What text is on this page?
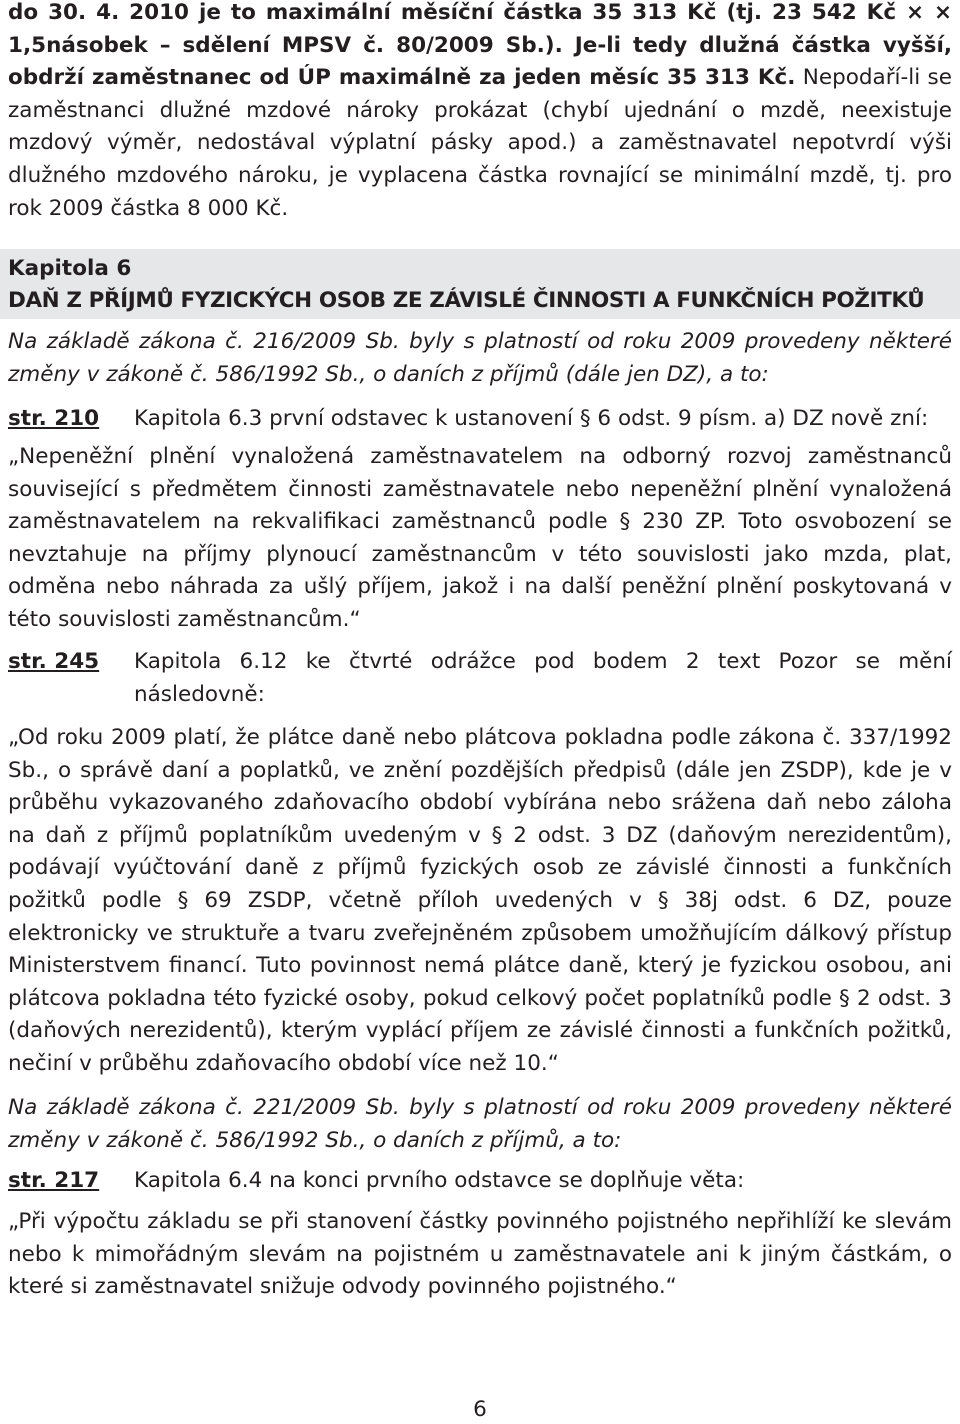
do 30. 4. 2010 je to maximální měsíční částka 35 313 Kč (tj. 23 542 Kč × × 1,5násobek – sdělení MPSV č. 80/2009 Sb.). Je-li tedy dlužná částka vyšší, obdrží zaměstnanec od ÚP maximálně za jeden měsíc 35 313 Kč. Nepodaří-li se zaměstnanci dlužné mzdové nároky prokázat (chybí ujednání o mzdě, neexistuje mzdový výměr, nedostával výplatní pásky apod.) a zaměstnavatel nepotvrdí výši dlužného mzdového nároku, je vyplacena částka rovnající se minimální mzdě, tj. pro rok 2009 částka 8 000 Kč.

Kapitola 6
DAŇ Z PŘÍJMŮ FYZICKÝCH OSOB ZE ZÁVISLÉ ČINNOSTI A FUNKČNÍCH POŽITKŮ

Na základě zákona č. 216/2009 Sb. byly s platností od roku 2009 provedeny některé změny v zákoně č. 586/1992 Sb., o daních z příjmů (dále jen DZ), a to:

str. 210 Kapitola 6.3 první odstavec k ustanovení § 6 odst. 9 písm. a) DZ nově zní:

„Nepeněžní plnění vynaložená zaměstnavatelem na odborný rozvoj zaměstnanců související s předmětem činnosti zaměstnavatele nebo nepeněžní plnění vynaložená zaměstnavatelem na rekvalifikaci zaměstnanců podle § 230 ZP. Toto osvobození se nevztahuje na příjmy plynoucí zaměstnancům v této souvislosti jako mzda, plat, odměna nebo náhrada za ušlý příjem, jakož i na další peněžní plnění poskytovaná v této souvislosti zaměstnancům.“

str. 245 Kapitola 6.12 ke čtvrté odrážce pod bodem 2 text Pozor se mění následovně:

„Od roku 2009 platí, že plátce daně nebo plátcova pokladna podle zákona č. 337/1992 Sb., o správě daní a poplatků, ve znění pozdějších předpisů (dále jen ZSDP), kde je v průběhu vykazovaného zdaňovacího období vybírána nebo srážena daň nebo záloha na daň z příjmů poplatníkům uvedeným v § 2 odst. 3 DZ (daňovým nerezidentům), podávají vyúčtování daně z příjmů fyzických osob ze závislé činnosti a funkčních požitků podle § 69 ZSDP, včetně příloh uvedených v § 38j odst. 6 DZ, pouze elektronicky ve struktuře a tvaru zveřejněném způsobem umožňujícím dálkový přístup Ministerstvem financí. Tuto povinnost nemá plátce daně, který je fyzickou osobou, ani plátcova pokladna této fyzické osoby, pokud celkový počet poplatníků podle § 2 odst. 3 (daňových nerezidentů), kterým vyplácí příjem ze závislé činnosti a funkčních požitků, nečiní v průběhu zdaňovacího období více než 10.“

Na základě zákona č. 221/2009 Sb. byly s platností od roku 2009 provedeny některé změny v zákoně č. 586/1992 Sb., o daních z příjmů, a to:

str. 217 Kapitola 6.4 na konci prvního odstavce se doplňuje věta:

„Při výpočtu základu se při stanovení částky povinného pojistného nepřihlíží ke slevám nebo k mimořádným slevám na pojistném u zaměstnavatele ani k jiným částkám, o které si zaměstnavatel snižuje odvody povinného pojistného.“

6
